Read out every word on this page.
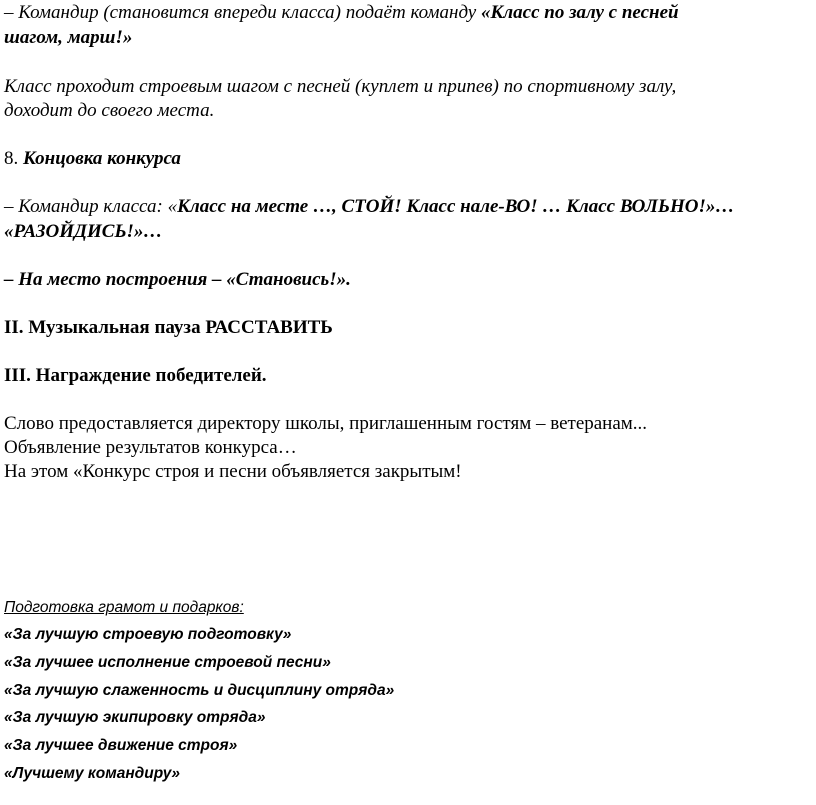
– Командир (становится впереди класса) подаёт команду «Класс по залу с песней
шагом, марш!»
Класс проходит строевым шагом с песней (куплет и припев) по спортивному залу,
доходит до своего места.
8. Концовка конкурса
– Командир класса: «Класс на месте …, СТОЙ! Класс нале-ВО! … Класс ВОЛЬНО!»…
«РАЗОЙДИСЬ!»…
– На место построения – «Становись!».
II. Музыкальная пауза РАССТАВИТЬ
III. Награждение победителей.
Слово предоставляется директору школы, приглашенным гостям – ветеранам...
Объявление результатов конкурса…
На этом «Конкурс строя и песни объявляется закрытым!
Подготовка грамот и подарков:
«За лучшую строевую подготовку»
«За лучшее исполнение строевой песни»
«За лучшую слаженность и дисциплину отряда»
«За лучшую экипировку отряда»
«За лучшее движение строя»
«Лучшему командиру»
